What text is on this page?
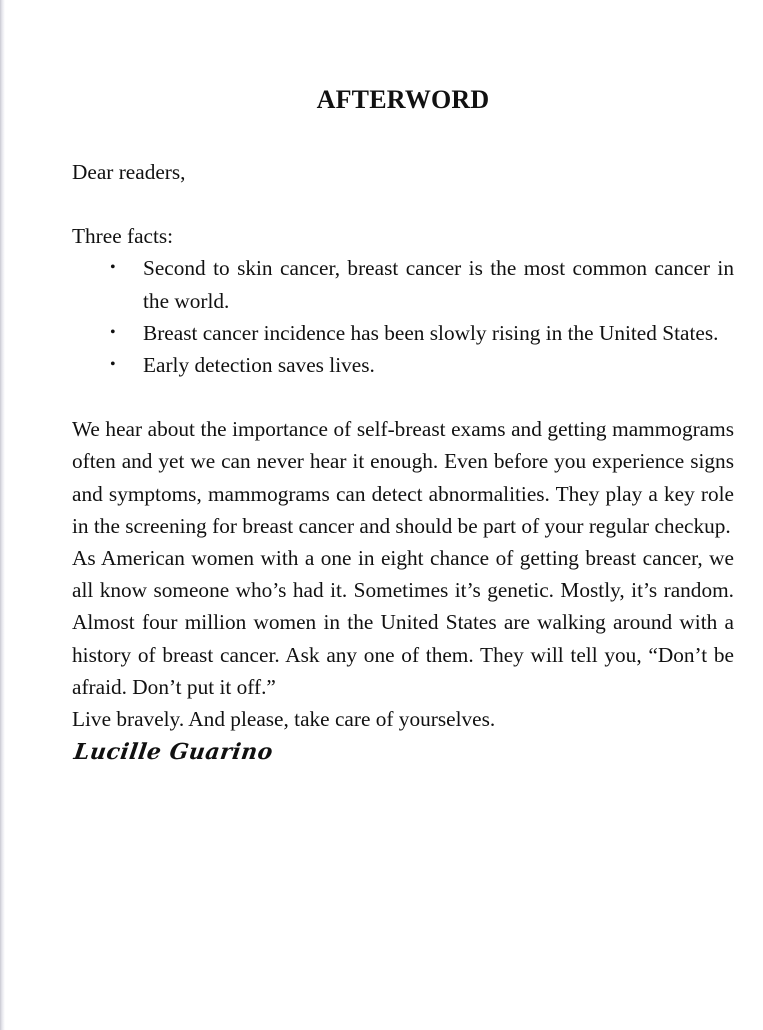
AFTERWORD

Dear readers,

Three facts:

• Second to skin cancer, breast cancer is the most common cancer in the world.
• Breast cancer incidence has been slowly rising in the United States.
• Early detection saves lives.

We hear about the importance of self-breast exams and getting mammograms often and yet we can never hear it enough. Even before you experience signs and symptoms, mammograms can detect abnormalities. They play a key role in the screening for breast cancer and should be part of your regular checkup.

As American women with a one in eight chance of getting breast cancer, we all know someone who’s had it. Sometimes it’s genetic. Mostly, it’s random. Almost four million women in the United States are walking around with a history of breast cancer. Ask any one of them. They will tell you, “Don’t be afraid. Don’t put it off.”

Live bravely. And please, take care of yourselves.

Lucille Guarino
